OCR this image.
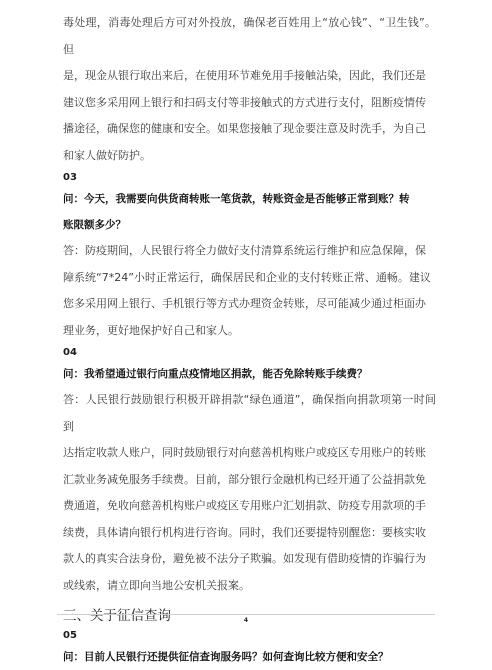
毒处理，消毒处理后方可对外投放，确保老百姓用上“放心钱”、“卫生钱”。但

是，现金从银行取出来后，在使用环节难免用手接触沾染，因此，我们还是

建议您多采用网上银行和扫码支付等非接触式的方式进行支付，阻断疫情传

播途径，确保您的健康和安全。如果您接触了现金要注意及时洗手，为自己

和家人做好防护。

03

问：今天，我需要向供货商转账一笔货款，转账资金是否能够正常到账？转

账限额多少？

答：防疫期间，人民银行将全力做好支付清算系统运行维护和应急保障，保

障系统“7*24”小时正常运行，确保居民和企业的支付转账正常、通畅。建议

您多采用网上银行、手机银行等方式办理资金转账，尽可能减少通过柜面办

理业务，更好地保护好自己和家人。

04

问：我希望通过银行向重点疫情地区捐款，能否免除转账手续费？

答：人民银行鼓励银行积极开辟捐款“绿色通道”，确保指向捐款项第一时间到

达指定收款人账户，同时鼓励银行对向慈善机构账户或疫区专用账户的转账

汇款业务减免服务手续费。目前，部分银行金融机构已经开通了公益捐款免

费通道，免收向慈善机构账户或疫区专用账户汇划捐款、防疫专用款项的手

续费，具体请向银行机构进行咨询。同时，我们还要提特别醒您：要核实收

款人的真实合法身份，避免被不法分子欺骗。如发现有借助疫情的诈骗行为

或线索，请立即向当地公安机关报案。

三、关于征信查询
05

问：目前人民银行还提供征信查询服务吗？如何查询比较方便和安全？

4
